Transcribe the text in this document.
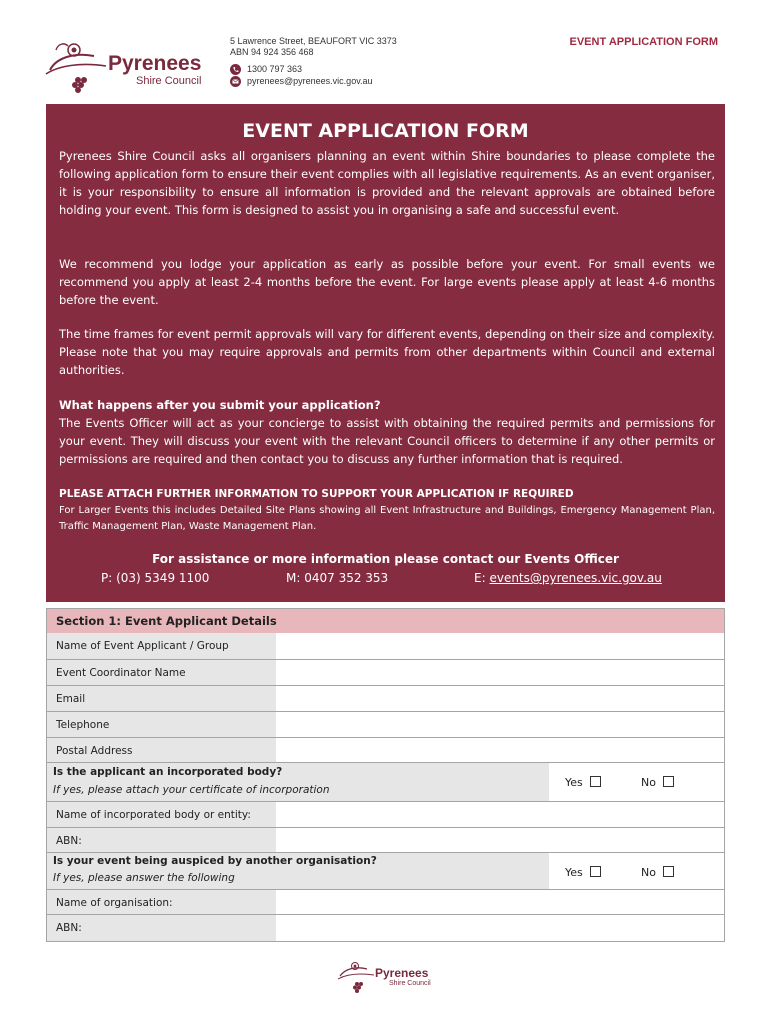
Pyrenees
Shire Council
5 Lawrence Street, BEAUFORT VIC 3373
ABN 94 924 356 468
1300 797 363
pyrenees@pyrenees.vic.gov.au
EVENT APPLICATION FORM
EVENT APPLICATION FORM

Pyrenees Shire Council asks all organisers planning an event within Shire boundaries to please complete the following application form to ensure their event complies with all legislative requirements. As an event organiser, it is your responsibility to ensure all information is provided and the relevant approvals are obtained before holding your event. This form is designed to assist you in organising a safe and successful event.

We recommend you lodge your application as early as possible before your event. For small events we recommend you apply at least 2-4 months before the event. For large events please apply at least 4-6 months before the event.

The time frames for event permit approvals will vary for different events, depending on their size and complexity. Please note that you may require approvals and permits from other departments within Council and external authorities.

What happens after you submit your application?

The Events Officer will act as your concierge to assist with obtaining the required permits and permissions for your event. They will discuss your event with the relevant Council officers to determine if any other permits or permissions are required and then contact you to discuss any further information that is required.

PLEASE ATTACH FURTHER INFORMATION TO SUPPORT YOUR APPLICATION IF REQUIRED

For Larger Events this includes Detailed Site Plans showing all Event Infrastructure and Buildings, Emergency Management Plan, Traffic Management Plan, Waste Management Plan.

For assistance or more information please contact our Events Officer
P: (03) 5349 1100	M: 0407 352 353	E: events@pyrenees.vic.gov.au
Section 1: Event Applicant Details
Name of Event Applicant / Group
Event Coordinator Name
Email
Telephone
Postal Address
Is the applicant an incorporated body?
If yes, please attach your certificate of incorporation
Yes	No
Name of incorporated body or entity:
ABN:
Is your event being auspiced by another organisation?
If yes, please answer the following	Yes	No
Name of organisation:
ABN:
Pyrenees
Shire Council
